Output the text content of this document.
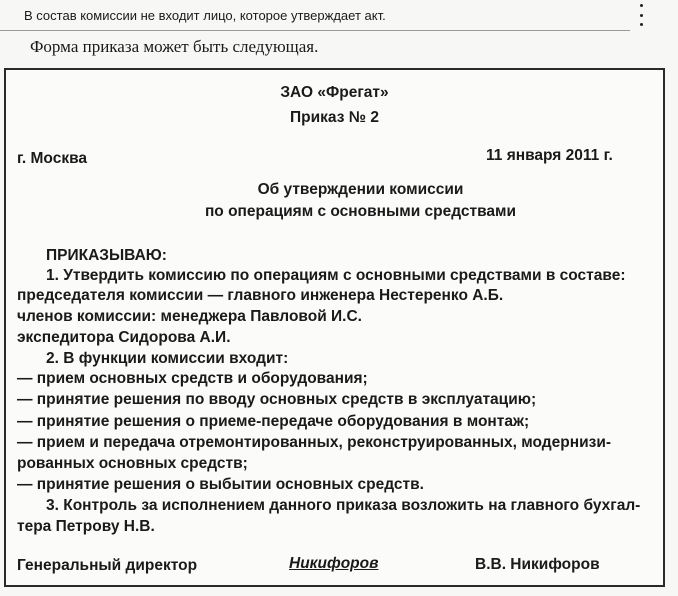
В состав комиссии не входит лицо, которое утверждает акт.
Форма приказа может быть следующая.
ЗАО «Фрегат»
Приказ № 2
г. Москва	11 января 2011 г.
Об утверждении комиссии
по операциям с основными средствами
ПРИКАЗЫВАЮ:
1. Утвердить комиссию по операциям с основными средствами в составе:
председателя комиссии — главного инженера Нестеренко А.Б.
членов комиссии: менеджера Павловой И.С.
экспедитора Сидорова А.И.
2. В функции комиссии входит:
— прием основных средств и оборудования;
— принятие решения по вводу основных средств в эксплуатацию;
— принятие решения о приеме-передаче оборудования в монтаж;
— прием и передача отремонтированных, реконструированных, модернизи-
рованных основных средств;
— принятие решения о выбытии основных средств.
3. Контроль за исполнением данного приказа возложить на главного бухгал-
тера Петрову Н.В.
Генеральный директор	Никифоров	В.В. Никифоров
